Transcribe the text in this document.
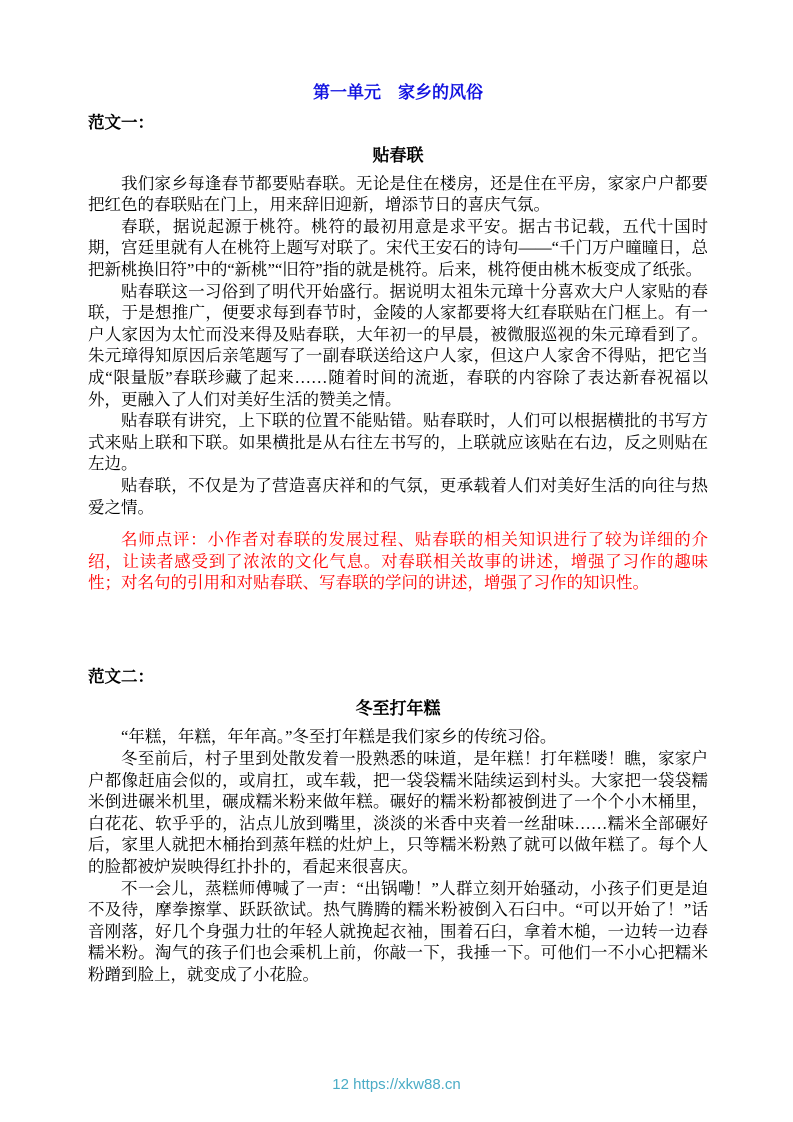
第一单元　家乡的风俗

范文一：

贴春联

我们家乡每逢春节都要贴春联。无论是住在楼房，还是住在平房，家家户户都要把红色的春联贴在门上，用来辞旧迎新，增添节日的喜庆气氛。

春联，据说起源于桃符。桃符的最初用意是求平安。据古书记载，五代十国时期，宫廷里就有人在桃符上题写对联了。宋代王安石的诗句——“千门万户曈曈日，总把新桃换旧符”中的“新桃”“旧符”指的就是桃符。后来，桃符便由桃木板变成了纸张。

贴春联这一习俗到了明代开始盛行。据说明太祖朱元璋十分喜欢大户人家贴的春联，于是想推广，便要求每到春节时，金陵的人家都要将大红春联贴在门框上。有一户人家因为太忙而没来得及贴春联，大年初一的早晨，被微服巡视的朱元璋看到了。朱元璋得知原因后亲笔题写了一副春联送给这户人家，但这户人家舍不得贴，把它当成“限量版”春联珍藏了起来……随着时间的流逝，春联的内容除了表达新春祝福以外，更融入了人们对美好生活的赞美之情。

贴春联有讲究，上下联的位置不能贴错。贴春联时，人们可以根据横批的书写方式来贴上联和下联。如果横批是从右往左书写的，上联就应该贴在右边，反之则贴在左边。

贴春联，不仅是为了营造喜庆祥和的气氛，更承载着人们对美好生活的向往与热爱之情。

名师点评：小作者对春联的发展过程、贴春联的相关知识进行了较为详细的介绍，让读者感受到了浓浓的文化气息。对春联相关故事的讲述，增强了习作的趣味性；对名句的引用和对贴春联、写春联的学问的讲述，增强了习作的知识性。

范文二：

冬至打年糕

“年糕，年糕，年年高。”冬至打年糕是我们家乡的传统习俗。

冬至前后，村子里到处散发着一股熟悉的味道，是年糕！打年糕喽！瞧，家家户户都像赶庙会似的，或肩扛，或车载，把一袋袋糯米陆续运到村头。大家把一袋袋糯米倒进碾米机里，碾成糯米粉来做年糕。碾好的糯米粉都被倒进了一个个小木桶里，白花花、软乎乎的，沾点儿放到嘴里，淡淡的米香中夹着一丝甜味……糯米全部碾好后，家里人就把木桶抬到蒸年糕的灶炉上，只等糯米粉熟了就可以做年糕了。每个人的脸都被炉炭映得红扑扑的，看起来很喜庆。

不一会儿，蒸糕师傅喊了一声：“出锅嘞！”人群立刻开始骚动，小孩子们更是迫不及待，摩拳擦掌、跃跃欲试。热气腾腾的糯米粉被倒入石臼中。“可以开始了！”话音刚落，好几个身强力壮的年轻人就挽起衣袖，围着石臼，拿着木槌，一边转一边舂糯米粉。淘气的孩子们也会乘机上前，你敲一下，我捶一下。可他们一不小心把糯米粉蹭到脸上，就变成了小花脸。

12 https://xkw88.cn
